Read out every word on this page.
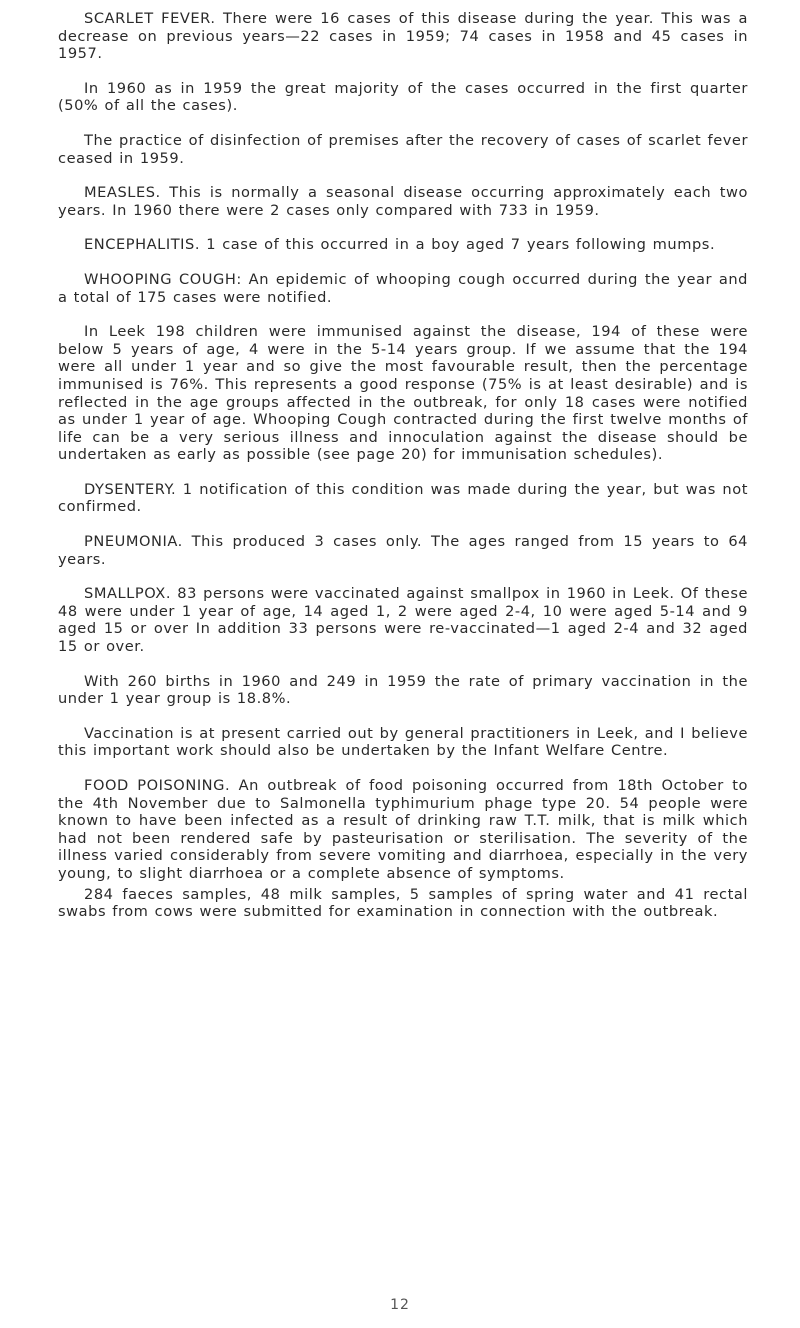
SCARLET FEVER. There were 16 cases of this disease during the year. This was a decrease on previous years—22 cases in 1959; 74 cases in 1958 and 45 cases in 1957.

In 1960 as in 1959 the great majority of the cases occurred in the first quarter (50% of all the cases).

The practice of disinfection of premises after the recovery of cases of scarlet fever ceased in 1959.

MEASLES. This is normally a seasonal disease occurring approximately each two years. In 1960 there were 2 cases only compared with 733 in 1959.

ENCEPHALITIS. 1 case of this occurred in a boy aged 7 years following mumps.

WHOOPING COUGH: An epidemic of whooping cough occurred during the year and a total of 175 cases were notified.

In Leek 198 children were immunised against the disease, 194 of these were below 5 years of age, 4 were in the 5-14 years group. If we assume that the 194 were all under 1 year and so give the most favourable result, then the percentage immunised is 76%. This represents a good response (75% is at least desirable) and is reflected in the age groups affected in the outbreak, for only 18 cases were notified as under 1 year of age. Whooping Cough contracted during the first twelve months of life can be a very serious illness and innoculation against the disease should be undertaken as early as possible (see page 20) for immunisation schedules).

DYSENTERY. 1 notification of this condition was made during the year, but was not confirmed.

PNEUMONIA. This produced 3 cases only. The ages ranged from 15 years to 64 years.

SMALLPOX. 83 persons were vaccinated against smallpox in 1960 in Leek. Of these 48 were under 1 year of age, 14 aged 1, 2 were aged 2-4, 10 were aged 5-14 and 9 aged 15 or over In addition 33 persons were re-vaccinated—1 aged 2-4 and 32 aged 15 or over.

With 260 births in 1960 and 249 in 1959 the rate of primary vaccination in the under 1 year group is 18.8%.

Vaccination is at present carried out by general practitioners in Leek, and I believe this important work should also be undertaken by the Infant Welfare Centre.

FOOD POISONING. An outbreak of food poisoning occurred from 18th October to the 4th November due to Salmonella typhimurium phage type 20. 54 people were known to have been infected as a result of drinking raw T.T. milk, that is milk which had not been rendered safe by pasteurisation or sterilisation. The severity of the illness varied considerably from severe vomiting and diarrhoea, especially in the very young, to slight diarrhoea or a complete absence of symptoms.

284 faeces samples, 48 milk samples, 5 samples of spring water and 41 rectal swabs from cows were submitted for examination in connection with the outbreak.

12
